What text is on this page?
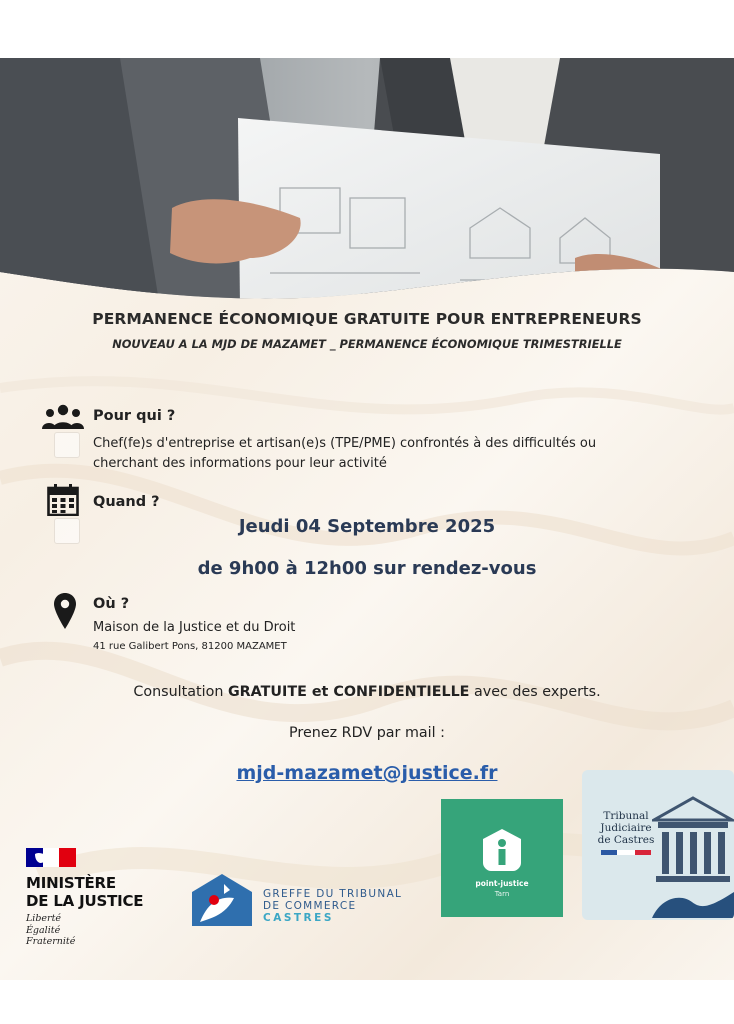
PERMANENCE ÉCONOMIQUE GRATUITE POUR ENTREPRENEURS
NOUVEAU A LA MJD DE MAZAMET _ PERMANENCE ÉCONOMIQUE TRIMESTRIELLE
Pour qui ?
Chef(fe)s d'entreprise et artisan(e)s (TPE/PME) confrontés à des difficultés ou
cherchant des informations pour leur activité
Quand ?
Jeudi 04 Septembre 2025
de 9h00 à 12h00 sur rendez-vous
Où ?
Maison de la Justice et du Droit
41 rue Galibert Pons, 81200 MAZAMET
Consultation GRATUITE et CONFIDENTIELLE avec des experts.
Prenez RDV par mail :
mjd-mazamet@justice.fr
MINISTÈRE
DE LA JUSTICE
Liberté
Égalité
Fraternité
GREFFE DU TRIBUNAL
DE COMMERCE
CASTRES
point-justice
Tarn
Tribunal
Judiciaire
de Castres
